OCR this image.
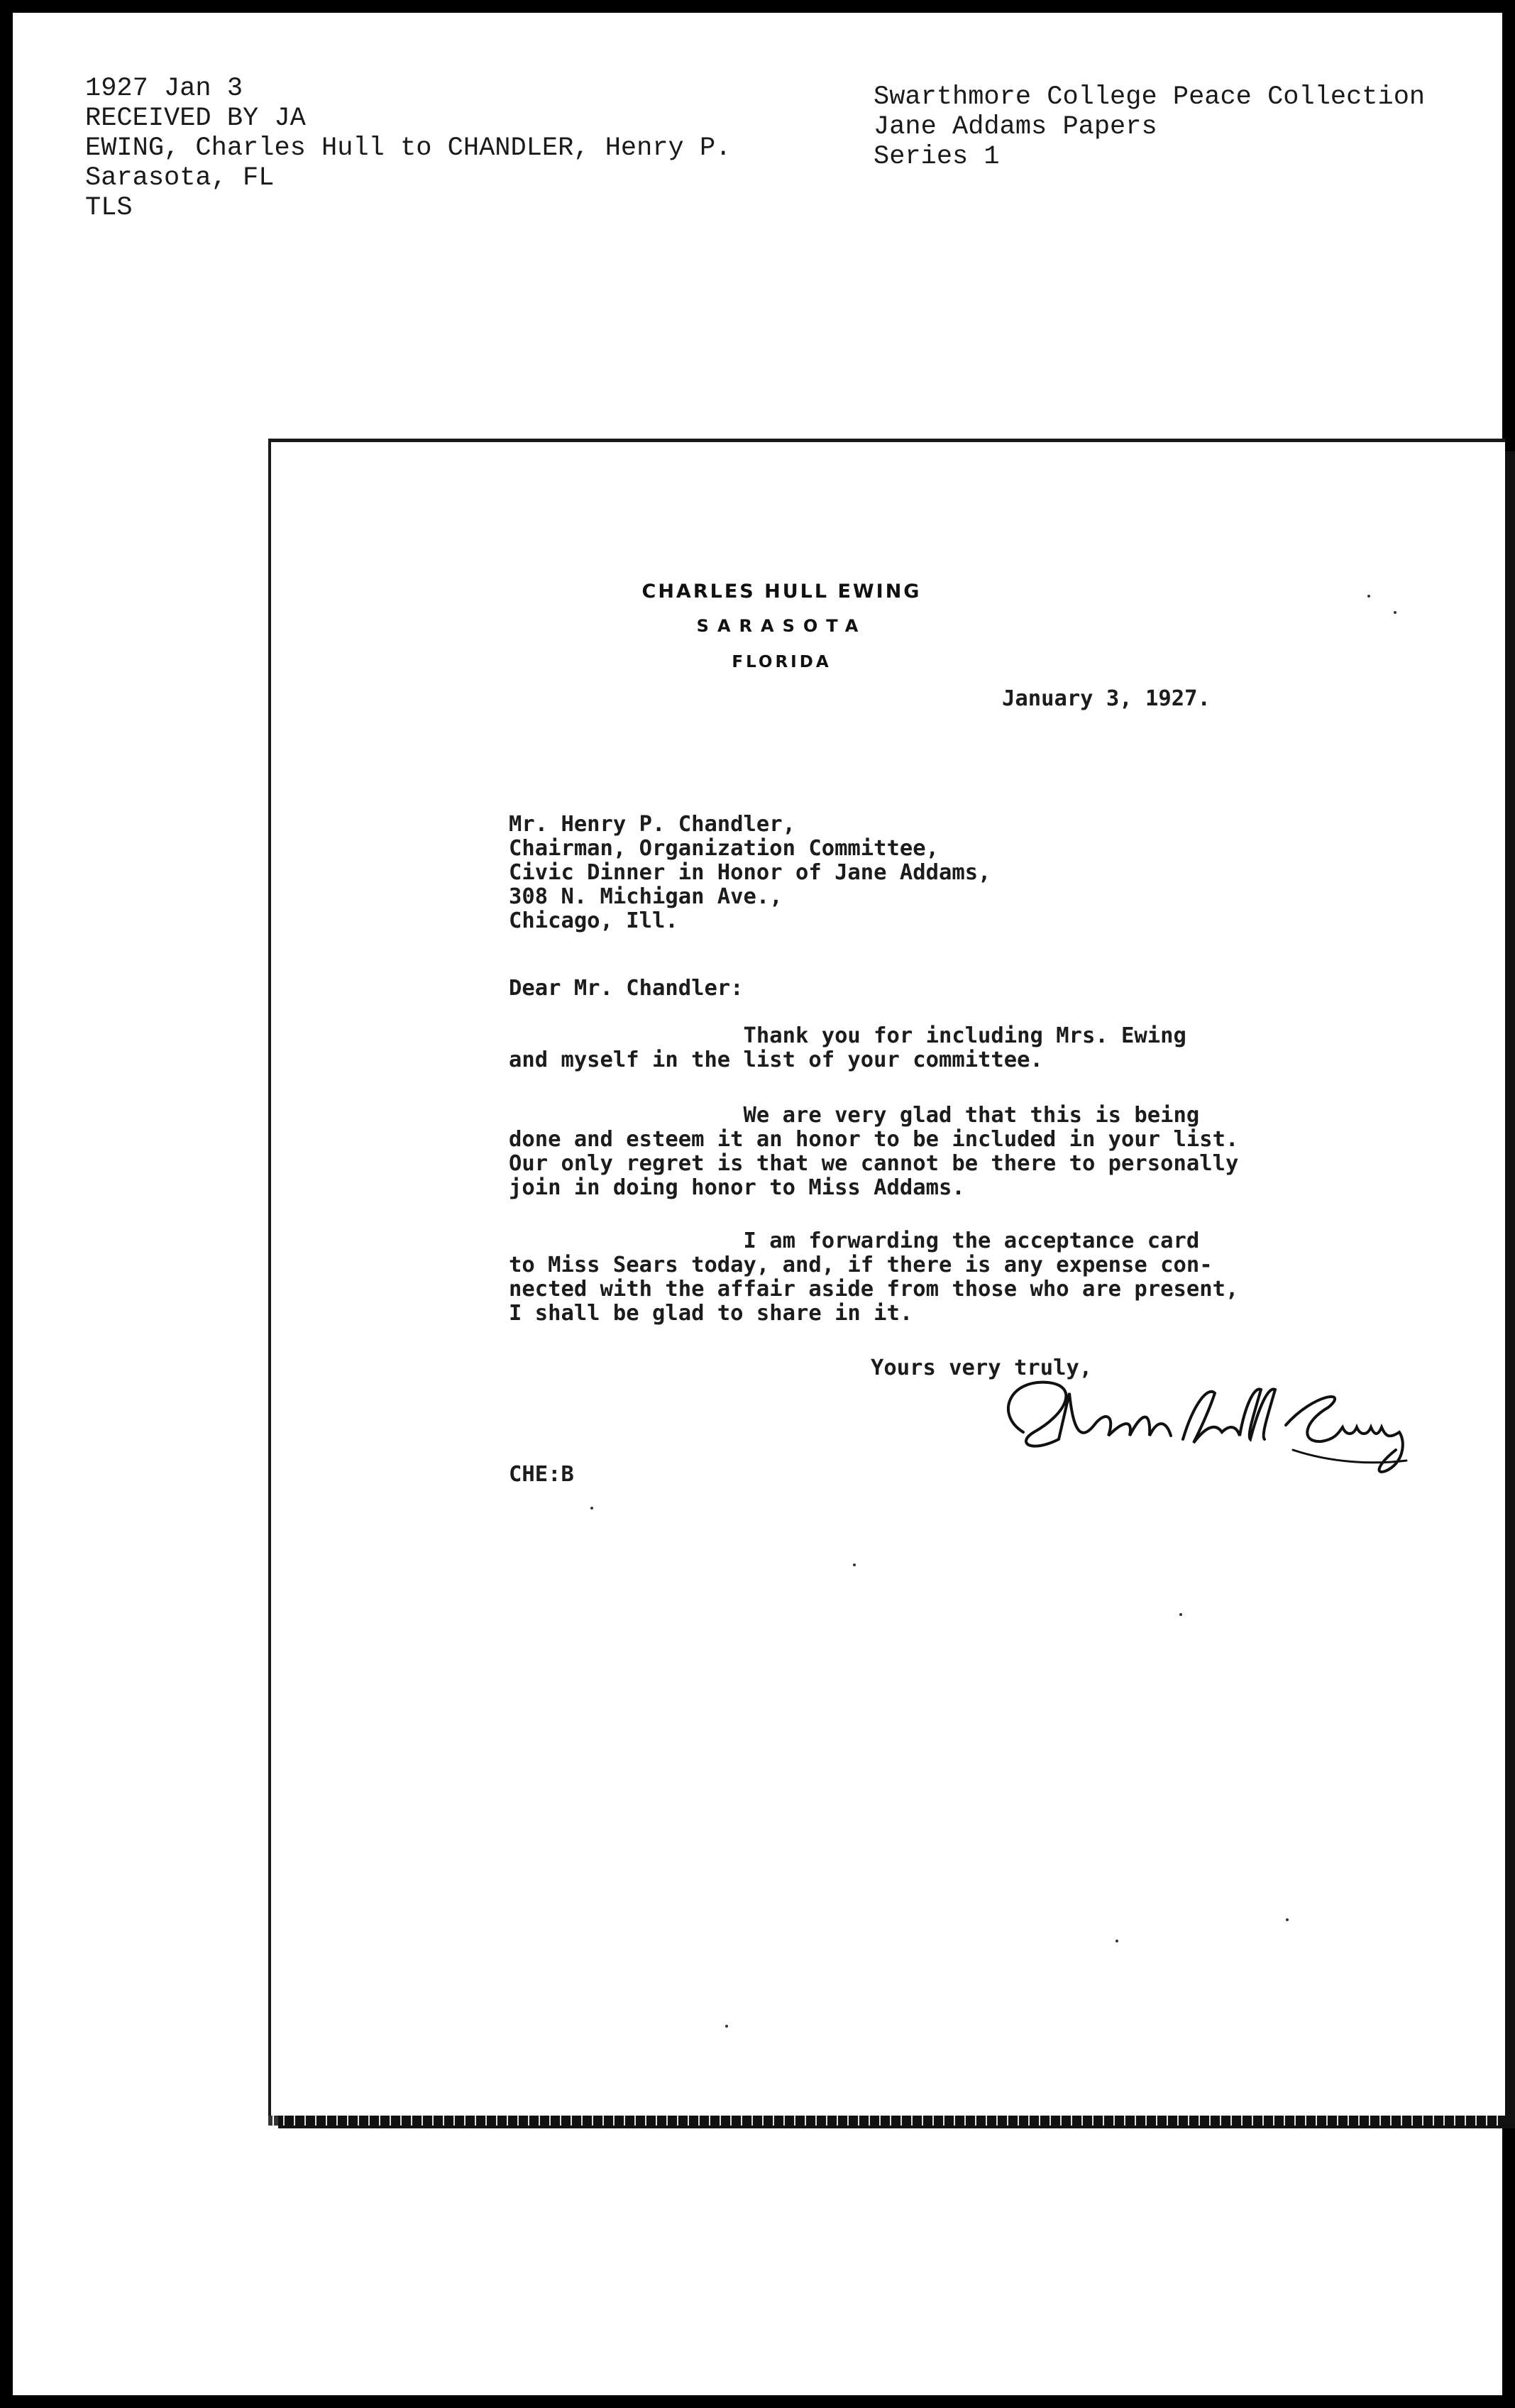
1927 Jan 3
RECEIVED BY JA
EWING, Charles Hull to CHANDLER, Henry P.
Sarasota, FL
TLS
Swarthmore College Peace Collection
Jane Addams Papers
Series 1
CHARLES HULL EWING
SARASOTA
FLORIDA
January 3, 1927.
Mr. Henry P. Chandler,
Chairman, Organization Committee,
Civic Dinner in Honor of Jane Addams,
308 N. Michigan Ave.,
Chicago, Ill.
Dear Mr. Chandler:
Thank you for including Mrs. Ewing
and myself in the list of your committee.
We are very glad that this is being
done and esteem it an honor to be included in your list.
Our only regret is that we cannot be there to personally
join in doing honor to Miss Addams.
I am forwarding the acceptance card
to Miss Sears today, and, if there is any expense con-
nected with the affair aside from those who are present,
I shall be glad to share in it.
Yours very truly,
CHE:B
